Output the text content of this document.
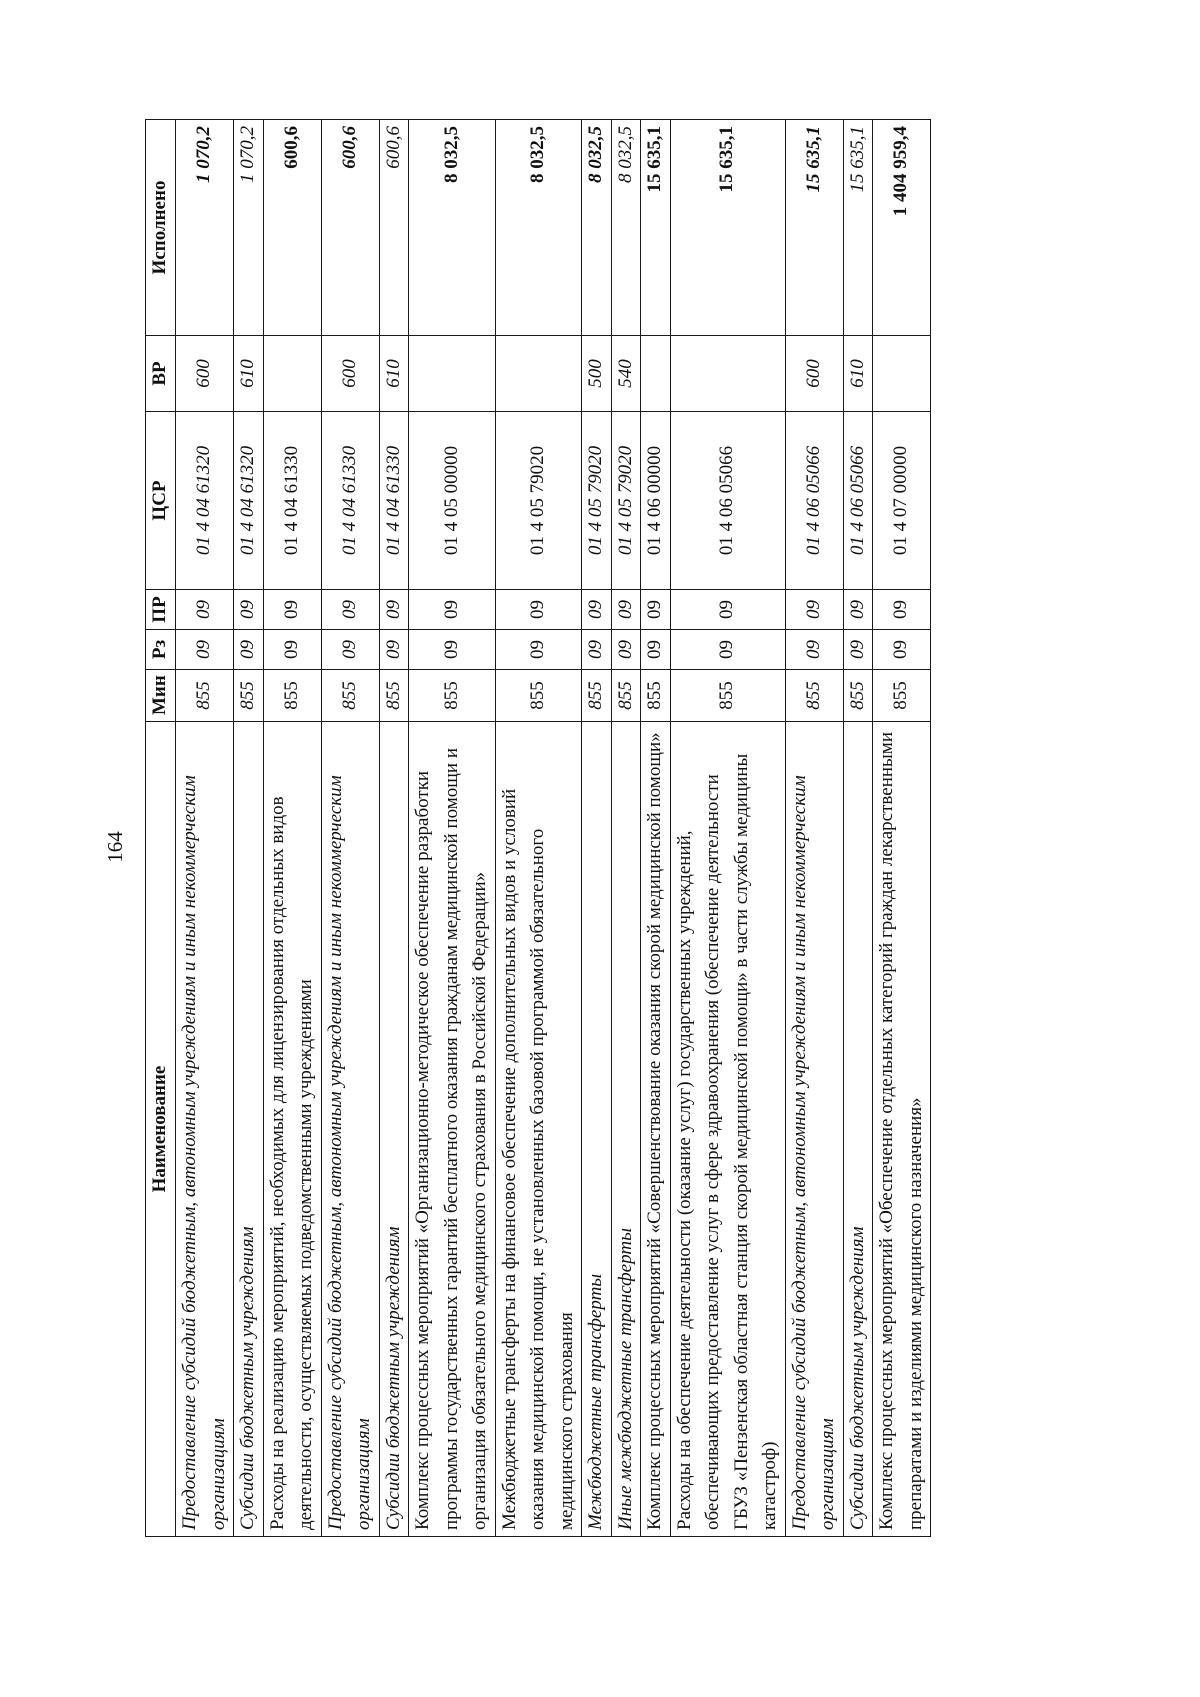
164
Наименование	Мин	Рз	ПР	ЦСР	ВР	Исполнено
Предоставление субсидий бюджетным, автономным учреждениям и иным некоммерческим организациям	855	09	09	01 4 04 61320	600	1 070,2
Субсидии бюджетным учреждениям	855	09	09	01 4 04 61320	610	1 070,2
Расходы на реализацию мероприятий, необходимых для лицензирования отдельных видов деятельности, осуществляемых подведомственными учреждениями	855	09	09	01 4 04 61330		600,6
Предоставление субсидий бюджетным, автономным учреждениям и иным некоммерческим организациям	855	09	09	01 4 04 61330	600	600,6
Субсидии бюджетным учреждениям	855	09	09	01 4 04 61330	610	600,6
Комплекс процессных мероприятий «Организационно-методическое обеспечение разработки программы государственных гарантий бесплатного оказания гражданам медицинской помощи и организация обязательного медицинского страхования в Российской Федерации»	855	09	09	01 4 05 00000		8 032,5
Межбюджетные трансферты на финансовое обеспечение дополнительных видов и условий оказания медицинской помощи, не установленных базовой программой обязательного медицинского страхования	855	09	09	01 4 05 79020		8 032,5
Межбюджетные трансферты	855	09	09	01 4 05 79020	500	8 032,5
Иные межбюджетные трансферты	855	09	09	01 4 05 79020	540	8 032,5
Комплекс процессных мероприятий «Совершенствование оказания скорой медицинской помощи»	855	09	09	01 4 06 00000		15 635,1
Расходы на обеспечение деятельности (оказание услуг) государственных учреждений, обеспечивающих предоставление услуг в сфере здравоохранения (обеспечение деятельности ГБУЗ «Пензенская областная станция скорой медицинской помощи» в части службы медицины катастроф)	855	09	09	01 4 06 05066		15 635,1
Предоставление субсидий бюджетным, автономным учреждениям и иным некоммерческим организациям	855	09	09	01 4 06 05066	600	15 635,1
Субсидии бюджетным учреждениям	855	09	09	01 4 06 05066	610	15 635,1
Комплекс процессных мероприятий «Обеспечение отдельных категорий граждан лекарственными препаратами и изделиями медицинского назначения»	855	09	09	01 4 07 00000		1 404 959,4
